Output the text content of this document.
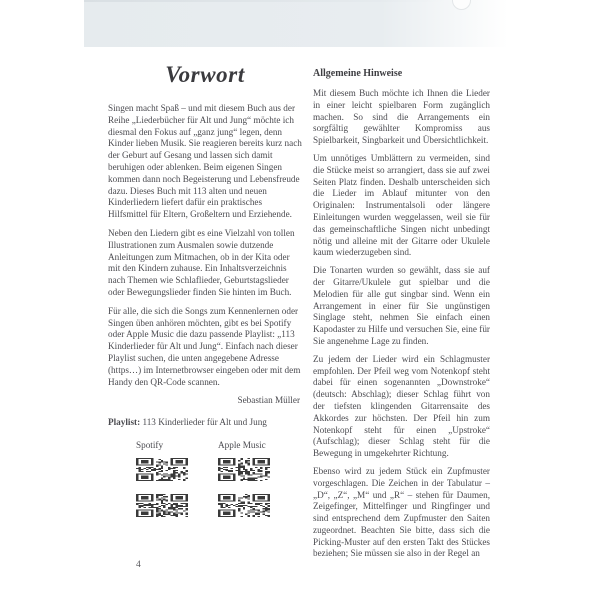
Vorwort

Singen macht Spaß – und mit diesem Buch aus der Reihe „Liederbücher für Alt und Jung“ möchte ich diesmal den Fokus auf „ganz jung“ legen, denn Kinder lieben Musik. Sie reagieren bereits kurz nach der Geburt auf Gesang und lassen sich damit beruhigen oder ablenken. Beim eigenen Singen kommen dann noch Begeisterung und Lebensfreude dazu. Dieses Buch mit 113 alten und neuen Kinderliedern liefert dafür ein praktisches Hilfsmittel für Eltern, Großeltern und Erziehende.

Neben den Liedern gibt es eine Vielzahl von tollen Illustrationen zum Ausmalen sowie dutzende Anleitungen zum Mitmachen, ob in der Kita oder mit den Kindern zuhause. Ein Inhaltsverzeichnis nach Themen wie Schlaflieder, Geburtstagslieder oder Bewegungslieder finden Sie hinten im Buch.

Für alle, die sich die Songs zum Kennenlernen oder Singen üben anhören möchten, gibt es bei Spotify oder Apple Music die dazu passende Playlist: „113 Kinderlieder für Alt und Jung“. Einfach nach dieser Playlist suchen, die unten angegebene Adresse (https…) im Internetbrowser eingeben oder mit dem Handy den QR-Code scannen.

Sebastian Müller
Playlist: 113 Kinderlieder für Alt und Jung
Spotify	Apple Music
Allgemeine Hinweise

Mit diesem Buch möchte ich Ihnen die Lieder in einer leicht spielbaren Form zugänglich machen. So sind die Arrangements ein sorgfältig gewählter Kompromiss aus Spielbarkeit, Singbarkeit und Übersichtlichkeit.

Um unnötiges Umblättern zu vermeiden, sind die Stücke meist so arrangiert, dass sie auf zwei Seiten Platz finden. Deshalb unterscheiden sich die Lieder im Ablauf mitunter von den Originalen: Instrumentalsoli oder längere Einleitungen wurden weggelassen, weil sie für das gemeinschaftliche Singen nicht unbedingt nötig und alleine mit der Gitarre oder Ukulele kaum wiederzugeben sind.

Die Tonarten wurden so gewählt, dass sie auf der Gitarre/Ukulele gut spielbar und die Melodien für alle gut singbar sind. Wenn ein Arrangement in einer für Sie ungünstigen Singlage steht, nehmen Sie einfach einen Kapodaster zu Hilfe und versuchen Sie, eine für Sie angenehme Lage zu finden.

Zu jedem der Lieder wird ein Schlagmuster empfohlen. Der Pfeil weg vom Notenkopf steht dabei für einen sogenannten „Downstroke“ (deutsch: Abschlag); dieser Schlag führt von der tiefsten klingenden Gitarrensaite des Akkordes zur höchsten. Der Pfeil hin zum Notenkopf steht für einen „Upstroke“ (Aufschlag); dieser Schlag steht für die Bewegung in umgekehrter Richtung.

Ebenso wird zu jedem Stück ein Zupfmuster vorgeschlagen. Die Zeichen in der Tabulatur – „D“, „Z“, „M“ und „R“ – stehen für Daumen, Zeigefinger, Mittelfinger und Ringfinger und sind entsprechend dem Zupfmuster den Saiten zugeordnet. Beachten Sie bitte, dass sich die Picking-Muster auf den ersten Takt des Stückes beziehen; Sie müssen sie also in der Regel an

4
